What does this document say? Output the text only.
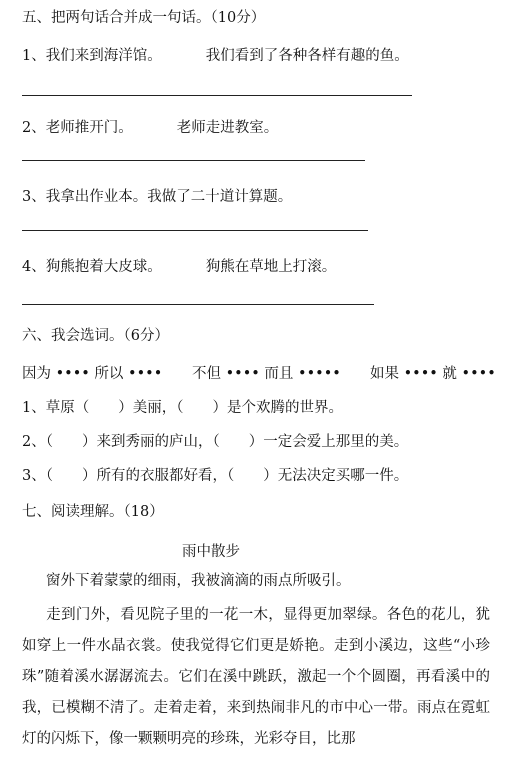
五、把两句话合并成一句话。（10分）
1、我们来到海洋馆。	我们看到了各种各样有趣的鱼。
2、老师推开门。	老师走进教室。
3、我拿出作业本。我做了二十道计算题。
4、狗熊抱着大皮球。	狗熊在草地上打滚。
六、我会选词。（6分）
因为 •••• 所以 •••• 不但 •••• 而且 ••••• 如果 •••• 就 ••••
1、草原（　　）美丽，（　　）是个欢腾的世界。
2、（　　）来到秀丽的庐山，（　　）一定会爱上那里的美。
3、（　　）所有的衣服都好看，（　　）无法决定买哪一件。
七、阅读理解。（18）
雨中散步
窗外下着蒙蒙的细雨，我被滴滴的雨点所吸引。
走到门外，看见院子里的一花一木，显得更加翠绿。各色的花儿，犹如穿上一件水晶衣裳。使我觉得它们更是娇艳。走到小溪边，这些“小珍珠”随着溪水潺潺流去。它们在溪中跳跃，激起一个个圆圈，再看溪中的我，已模糊不清了。走着走着，来到热闹非凡的市中心一带。雨点在霓虹灯的闪烁下，像一颗颗明亮的珍珠，光彩夺目，比那
